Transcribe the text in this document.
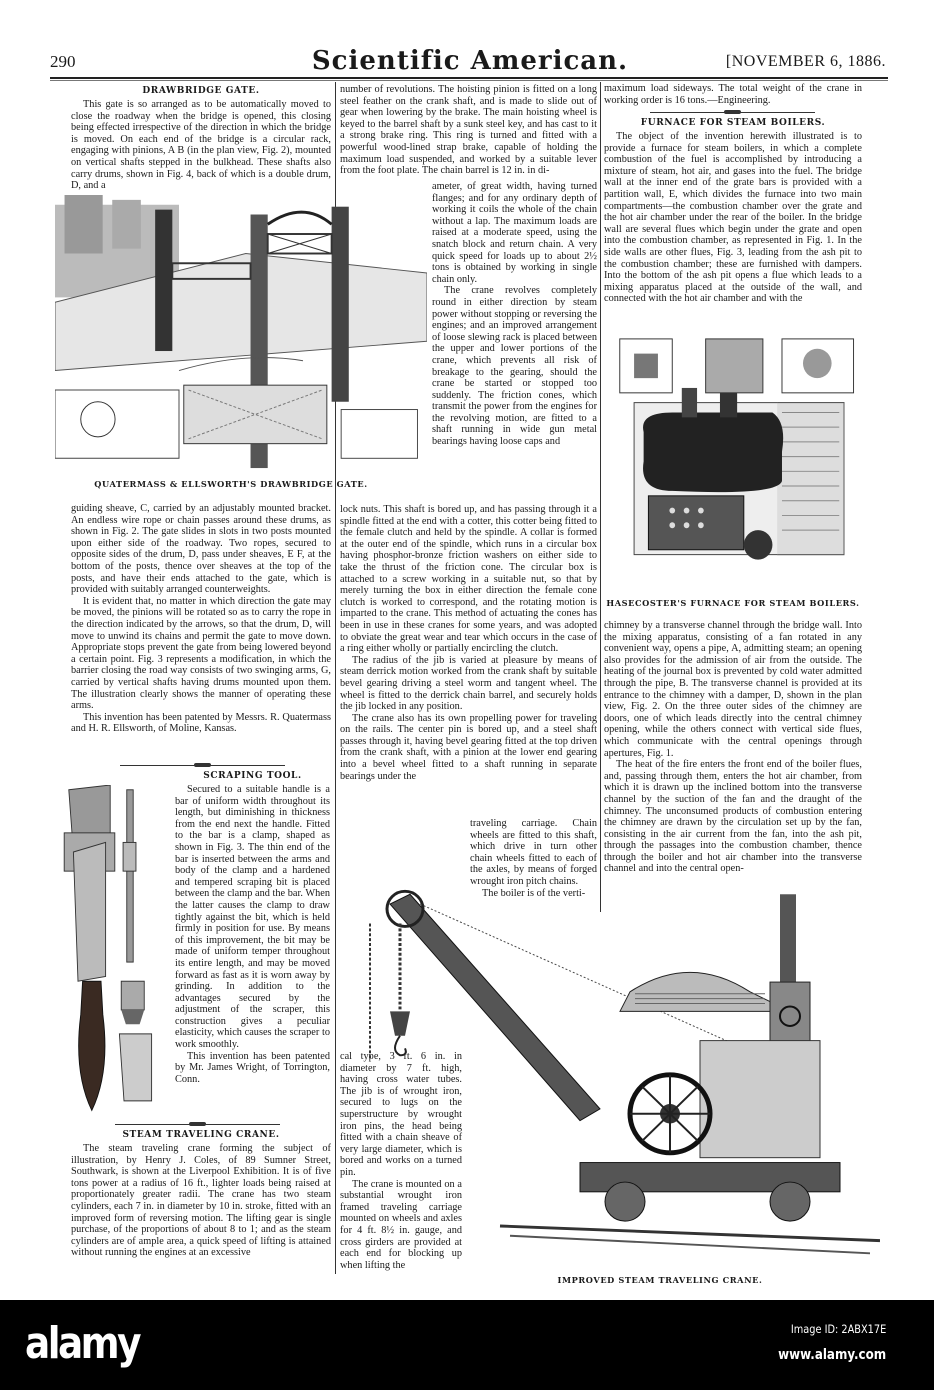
290	Scientific American.	[NOVEMBER 6, 1886.
DRAWBRIDGE GATE.

This gate is so arranged as to be automatically moved to close the roadway when the bridge is opened, this closing being effected irrespective of the direction in which the bridge is moved. On each end of the bridge is a circular rack, engaging with pinions, A B (in the plan view, Fig. 2), mounted on vertical shafts stepped in the bulkhead. These shafts also carry drums, shown in Fig. 4, back of which is a double drum, D, and a

QUATERMASS & ELLSWORTH'S DRAWBRIDGE GATE.

guiding sheave, C, carried by an adjustably mounted bracket. An endless wire rope or chain passes around these drums, as shown in Fig. 2. The gate slides in slots in two posts mounted upon either side of the roadway. Two ropes, secured to opposite sides of the drum, D, pass under sheaves, E F, at the bottom of the posts, thence over sheaves at the top of the posts, and have their ends attached to the gate, which is provided with suitably arranged counterweights.

It is evident that, no matter in which direction the gate may be moved, the pinions will be rotated so as to carry the rope in the direction indicated by the arrows, so that the drum, D, will move to unwind its chains and permit the gate to move down. Appropriate stops prevent the gate from being lowered beyond a certain point. Fig. 3 represents a modification, in which the barrier closing the road way consists of two swinging arms, G, carried by vertical shafts having drums mounted upon them. The illustration clearly shows the manner of operating these arms.

This invention has been patented by Messrs. R. Quatermass and H. R. Ellsworth, of Moline, Kansas.

SCRAPING TOOL.

Secured to a suitable handle is a bar of uniform width throughout its length, but diminishing in thickness from the end next the handle. Fitted to the bar is a clamp, shaped as shown in Fig. 3. The thin end of the bar is inserted between the arms and body of the clamp and a hardened and tempered scraping bit is placed between the clamp and the bar. When the latter causes the clamp to draw tightly against the bit, which is held firmly in position for use. By means of this improvement, the bit may be made of uniform temper throughout its entire length, and may be moved forward as fast as it is worn away by grinding. In addition to the advantages secured by the adjustment of the scraper, this construction gives a peculiar elasticity, which causes the scraper to work smoothly.

This invention has been patented by Mr. James Wright, of Torrington, Conn.

STEAM TRAVELING CRANE.

The steam traveling crane forming the subject of illustration, by Henry J. Coles, of 89 Sumner Street, Southwark, is shown at the Liverpool Exhibition. It is of five tons power at a radius of 16 ft., lighter loads being raised at proportionately greater radii. The crane has two steam cylinders, each 7 in. in diameter by 10 in. stroke, fitted with an improved form of reversing motion. The lifting gear is single purchase, of the proportions of about 8 to 1; and as the steam cylinders are of ample area, a quick speed of lifting is attained without running the engines at an excessive

number of revolutions. The hoisting pinion is fitted on a long steel feather on the crank shaft, and is made to slide out of gear when lowering by the brake. The main hoisting wheel is keyed to the barrel shaft by a sunk steel key, and has cast to it a strong brake ring. This ring is turned and fitted with a powerful wood-lined strap brake, capable of holding the maximum load suspended, and worked by a suitable lever from the foot plate. The chain barrel is 12 in. in di-

ameter, of great width, having turned flanges; and for any ordinary depth of working it coils the whole of the chain without a lap. The maximum loads are raised at a moderate speed, using the snatch block and return chain. A very quick speed for loads up to about 2½ tons is obtained by working in single chain only.

The crane revolves completely round in either direction by steam power without stopping or reversing the engines; and an improved arrangement of loose slewing rack is placed between the upper and lower portions of the crane, which prevents all risk of breakage to the gearing, should the crane be started or stopped too suddenly. The friction cones, which transmit the power from the engines for the revolving motion, are fitted to a shaft running in wide gun metal bearings having loose caps and

lock nuts. This shaft is bored up, and has passing through it a spindle fitted at the end with a cotter, this cotter being fitted to the female clutch and held by the spindle. A collar is formed at the outer end of the spindle, which runs in a circular box having phosphor-bronze friction washers on either side to take the thrust of the friction cone. The circular box is attached to a screw working in a suitable nut, so that by merely turning the box in either direction the female cone clutch is worked to correspond, and the rotating motion is imparted to the crane. This method of actuating the cones has been in use in these cranes for some years, and was adopted to obviate the great wear and tear which occurs in the case of a ring either wholly or partially encircling the clutch.

The radius of the jib is varied at pleasure by means of steam derrick motion worked from the crank shaft by suitable bevel gearing driving a steel worm and tangent wheel. The wheel is fitted to the derrick chain barrel, and securely holds the jib locked in any position.

The crane also has its own propelling power for traveling on the rails. The center pin is bored up, and a steel shaft passes through it, having bevel gearing fitted at the top driven from the crank shaft, with a pinion at the lower end gearing into a bevel wheel fitted to a shaft running in separate bearings under the

traveling carriage. Chain wheels are fitted to this shaft, which drive in turn other chain wheels fitted to each of the axles, by means of forged wrought iron pitch chains.

The boiler is of the verti-

cal type, 3 ft. 6 in. in diameter by 7 ft. high, having cross water tubes. The jib is of wrought iron, secured to lugs on the superstructure by wrought iron pins, the head being fitted with a chain sheave of very large diameter, which is bored and works on a turned pin.

The crane is mounted on a substantial wrought iron framed traveling carriage mounted on wheels and axles for 4 ft. 8½ in. gauge, and cross girders are provided at each end for blocking up when lifting the

IMPROVED STEAM TRAVELING CRANE.

maximum load sideways. The total weight of the crane in working order is 16 tons.—Engineering.

FURNACE FOR STEAM BOILERS.

The object of the invention herewith illustrated is to provide a furnace for steam boilers, in which a complete combustion of the fuel is accomplished by introducing a mixture of steam, hot air, and gases into the fuel. The bridge wall at the inner end of the grate bars is provided with a partition wall, E, which divides the furnace into two main compartments—the combustion chamber over the grate and the hot air chamber under the rear of the boiler. In the bridge wall are several flues which begin under the grate and open into the combustion chamber, as represented in Fig. 1. In the side walls are other flues, Fig. 3, leading from the ash pit to the combustion chamber; these are furnished with dampers. Into the bottom of the ash pit opens a flue which leads to a mixing apparatus placed at the outside of the wall, and connected with the hot air chamber and with the

HASECOSTER'S FURNACE FOR STEAM BOILERS.

chimney by a transverse channel through the bridge wall. Into the mixing apparatus, consisting of a fan rotated in any convenient way, opens a pipe, A, admitting steam; an opening also provides for the admission of air from the outside. The heating of the journal box is prevented by cold water admitted through the pipe, B. The transverse channel is provided at its entrance to the chimney with a damper, D, shown in the plan view, Fig. 2. On the three outer sides of the chimney are doors, one of which leads directly into the central chimney opening, while the others connect with vertical side flues, which communicate with the central openings through apertures, Fig. 1.

The heat of the fire enters the front end of the boiler flues, and, passing through them, enters the hot air chamber, from which it is drawn up the inclined bottom into the transverse channel by the suction of the fan and the draught of the chimney. The unconsumed products of combustion entering the chimney are drawn by the circulation set up by the fan, consisting in the air current from the fan, into the ash pit, through the passages into the combustion chamber, thence through the boiler and hot air chamber into the transverse channel and into the central open-

alamy	Image ID: 2ABX17E
www.alamy.com
